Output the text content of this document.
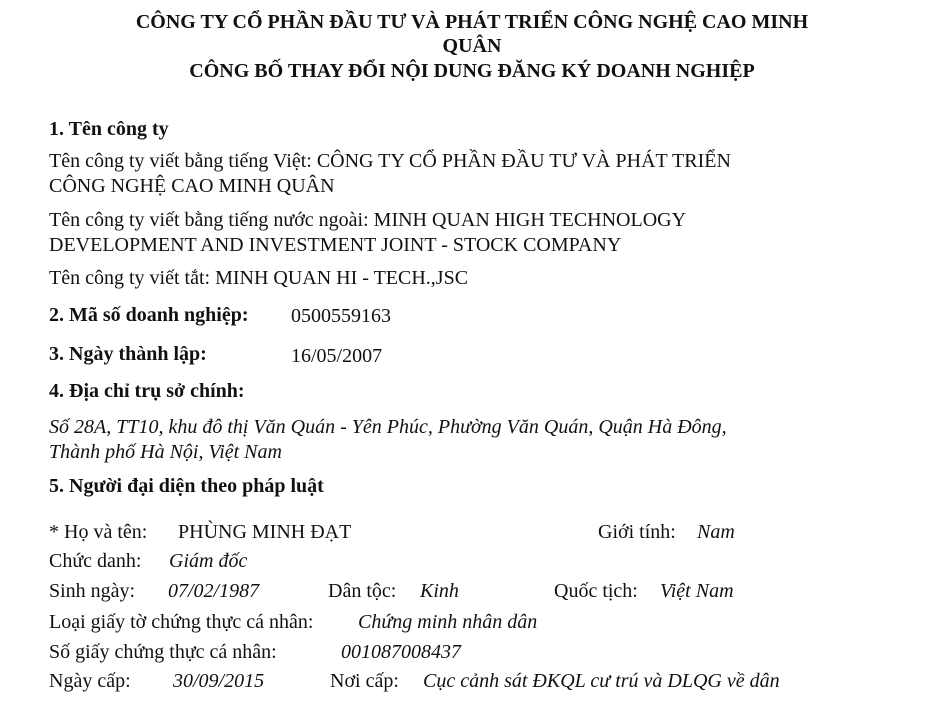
CÔNG TY CỔ PHẦN ĐẦU TƯ VÀ PHÁT TRIỂN CÔNG NGHỆ CAO MINH
QUÂN
CÔNG BỐ THAY ĐỔI NỘI DUNG ĐĂNG KÝ DOANH NGHIỆP
1. Tên công ty
Tên công ty viết bằng tiếng Việt: CÔNG TY CỔ PHẦN ĐẦU TƯ VÀ PHÁT TRIỂN
CÔNG NGHỆ CAO MINH QUÂN
Tên công ty viết bằng tiếng nước ngoài: MINH QUAN HIGH TECHNOLOGY
DEVELOPMENT AND INVESTMENT JOINT - STOCK COMPANY
Tên công ty viết tắt: MINH QUAN HI - TECH.,JSC
2. Mã số doanh nghiệp: 0500559163
3. Ngày thành lập:	16/05/2007
4. Địa chỉ trụ sở chính:
Số 28A, TT10, khu đô thị Văn Quán - Yên Phúc, Phường Văn Quán, Quận Hà Đông,
Thành phố Hà Nội, Việt Nam
5. Người đại diện theo pháp luật
* Họ và tên: PHÙNG MINH ĐẠT	Giới tính: Nam
Chức danh: Giám đốc
Sinh ngày: 07/02/1987	Dân tộc: Kinh	Quốc tịch: Việt Nam
Loại giấy tờ chứng thực cá nhân: Chứng minh nhân dân
Số giấy chứng thực cá nhân:	001087008437
Ngày cấp: 30/09/2015	Nơi cấp: Cục cảnh sát ĐKQL cư trú và DLQG về dân
